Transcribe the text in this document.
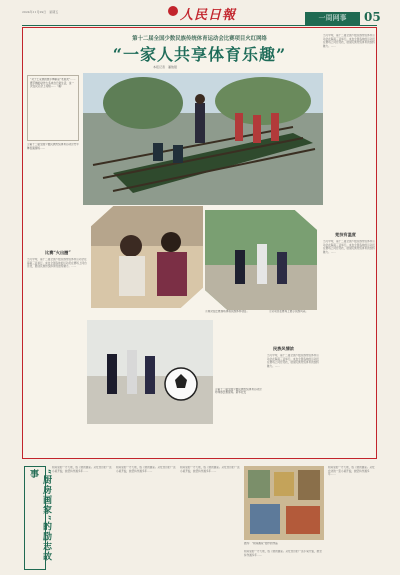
2024年11月29日　星期五	人民日報	一周网事	05
第十二届全国少数民族传统体育运动会比赛项目火红网络
“一家人共享体育乐趣”
本报记者　潘俊强
“对于土家族的摆手舞都是“老朋友”……摆手舞的动作大多来自日常生活，这一次在民运会上亮相……（略）
①第十二届全国少数民族传统体育运动会竹竿舞表演现场……
比赛“火出圈”
当月中旬，第十二届全国少数民族传统体育运动会在海南三亚举行。来自全国各地的运动员在赛场上同台竞技，展现民族传统体育的独特魅力。……
②观众在比赛现场体验民族体育项目。	③运动员在赛场上展示民族风采。
④第十二届全国少数民族传统体育运动会珍珠球比赛现场。新华社发
当月中旬，第十二届全国少数民族传统体育运动会在海南三亚举行。来自全国各地的运动员在赛场上同台竞技，展现民族传统体育的独特魅力。……
竞技有温度
当月中旬，第十二届全国少数民族传统体育运动会在海南三亚举行。来自全国各地的运动员在赛场上同台竞技，展现民族传统体育的独特魅力。……
民族风情浓
当月中旬，第十二届全国少数民族传统体育运动会在海南三亚举行。来自全国各地的运动员在赛场上同台竞技，展现民族传统体育的独特魅力。……
“厨房画家”的励志故事
厨房里的一方天地，成了她的画室。从灶台边的一张小桌开始，她坚持作画多年……
厨房里的一方天地，成了她的画室。从灶台边的一张小桌开始，她坚持作画多年……
厨房里的一方天地，成了她的画室。从灶台边的一张小桌开始，她坚持作画多年……
图为：“厨房画家”创作的作品
厨房里的一方天地，成了她的画室。从灶台边的一张小桌开始，她坚持作画多年……
厨房里的一方天地，成了她的画室。从灶台边的一张小桌开始，她坚持作画多年……
